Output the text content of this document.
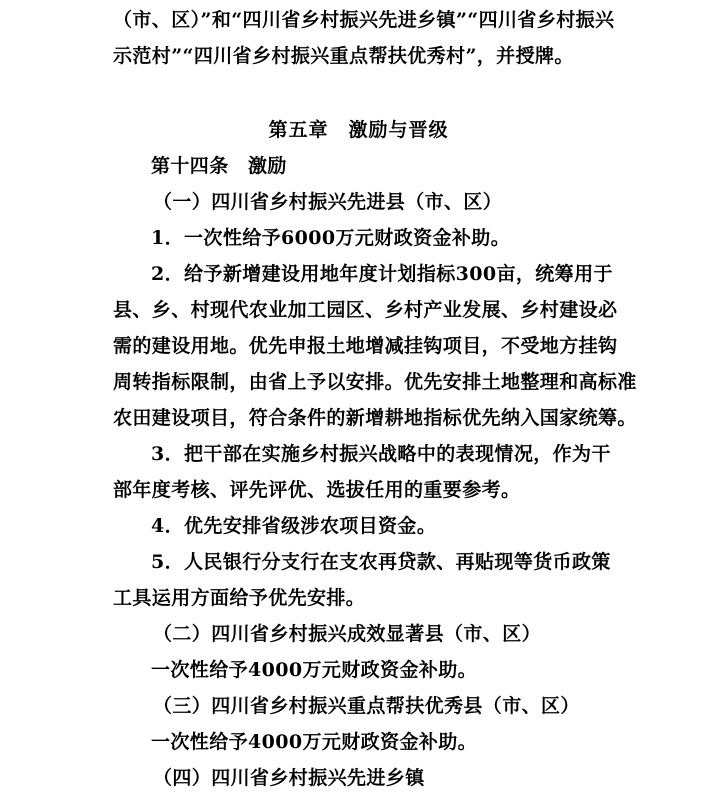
（市、区）”和“四川省乡村振兴先进乡镇”“四川省乡村振兴
示范村”“四川省乡村振兴重点帮扶优秀村”，并授牌。
第五章　激励与晋级
第十四条　激励
（一）四川省乡村振兴先进县（市、区）
1．一次性给予6000万元财政资金补助。
2．给予新增建设用地年度计划指标300亩，统筹用于
县、乡、村现代农业加工园区、乡村产业发展、乡村建设必
需的建设用地。优先申报土地增减挂钩项目，不受地方挂钩
周转指标限制，由省上予以安排。优先安排土地整理和高标准
农田建设项目，符合条件的新增耕地指标优先纳入国家统筹。
3．把干部在实施乡村振兴战略中的表现情况，作为干
部年度考核、评先评优、选拔任用的重要参考。
4．优先安排省级涉农项目资金。
5．人民银行分支行在支农再贷款、再贴现等货币政策
工具运用方面给予优先安排。
（二）四川省乡村振兴成效显著县（市、区）
一次性给予4000万元财政资金补助。
（三）四川省乡村振兴重点帮扶优秀县（市、区）
一次性给予4000万元财政资金补助。
（四）四川省乡村振兴先进乡镇
